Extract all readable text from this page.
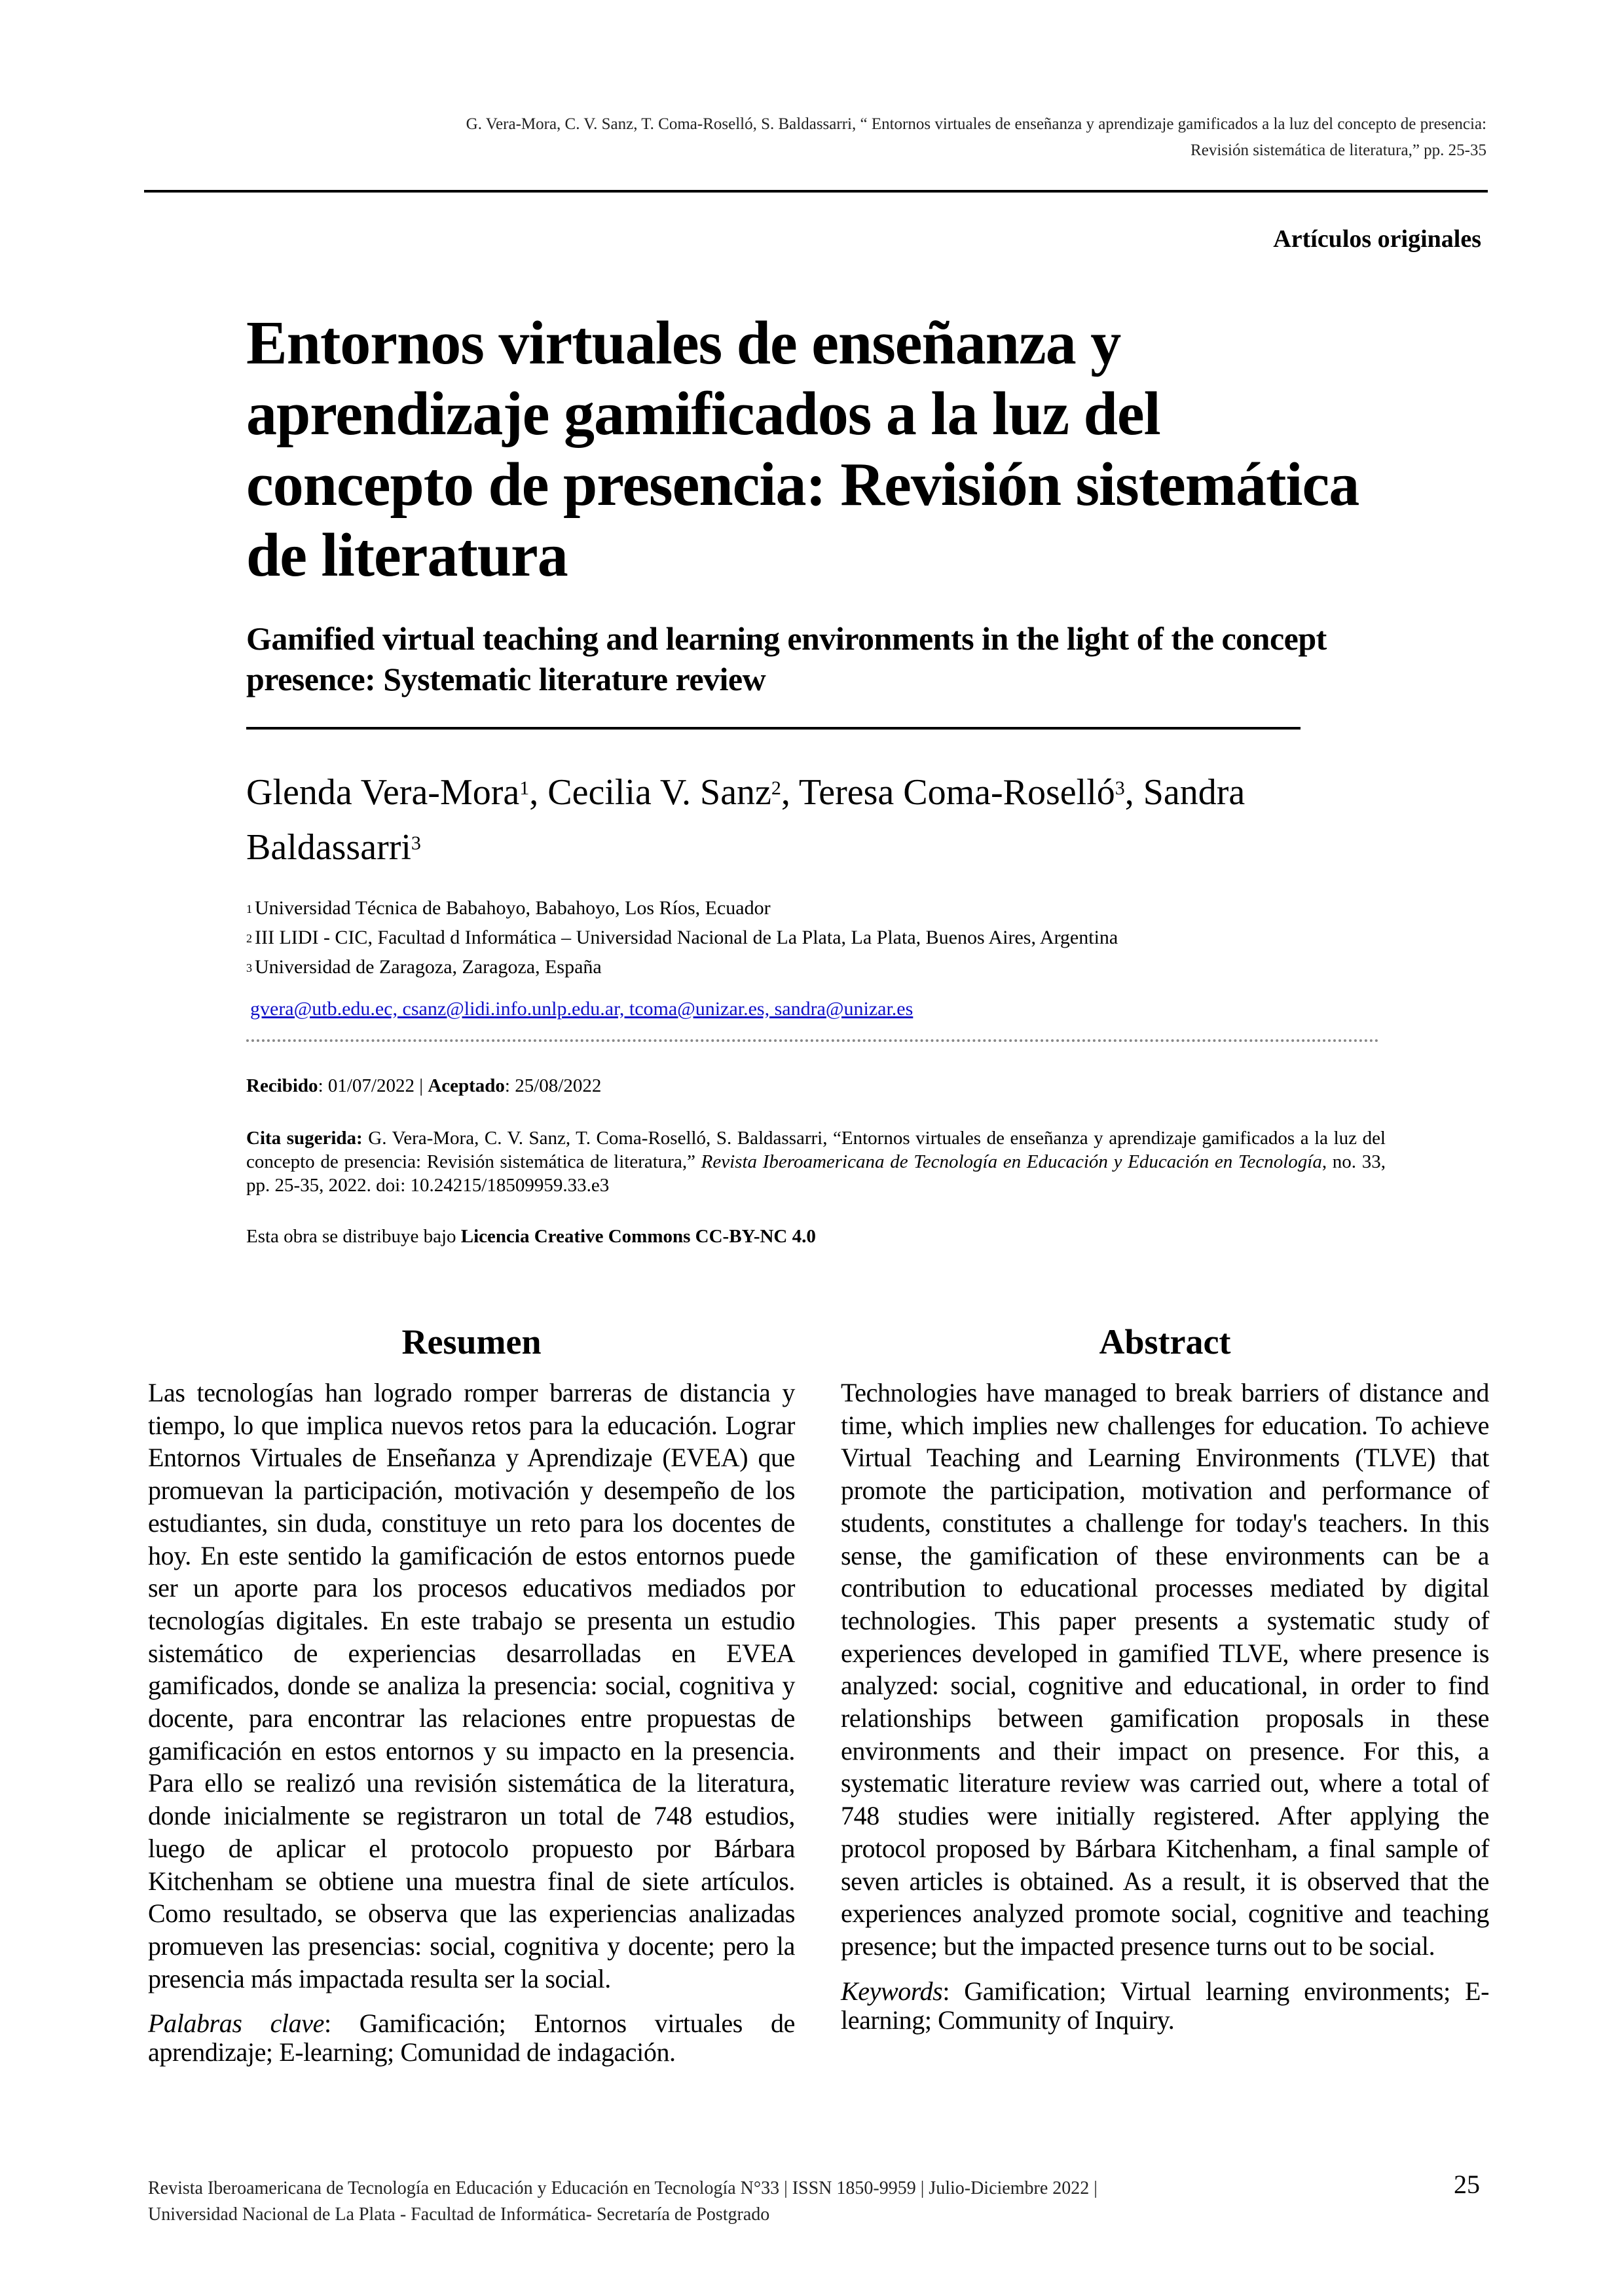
G. Vera-Mora, C. V. Sanz, T. Coma-Roselló, S. Baldassarri, “ Entornos virtuales de enseñanza y aprendizaje gamificados a la luz del concepto de presencia:
Revisión sistemática de literatura,” pp. 25-35
Artículos originales
Entornos virtuales de enseñanza y aprendizaje gamificados a la luz del concepto de presencia: Revisión sistemática de literatura
Gamified virtual teaching and learning environments in the light of the concept presence: Systematic literature review
Glenda Vera-Mora$^1$, Cecilia V. Sanz$^2$, Teresa Coma-Roselló$^3$, Sandra Baldassarri$^3$
$^1$ Universidad Técnica de Babahoyo, Babahoyo, Los Ríos, Ecuador
$^2$ III LIDI - CIC, Facultad d Informática – Universidad Nacional de La Plata, La Plata, Buenos Aires, Argentina
$^3$ Universidad de Zaragoza, Zaragoza, España
gvera@utb.edu.ec, csanz@lidi.info.unlp.edu.ar, tcoma@unizar.es, sandra@unizar.es
Recibido: 01/07/2022 | Aceptado: 25/08/2022
Cita sugerida: G. Vera-Mora, C. V. Sanz, T. Coma-Roselló, S. Baldassarri, “Entornos virtuales de enseñanza y aprendizaje gamificados a la luz del concepto de presencia: Revisión sistemática de literatura,” Revista Iberoamericana de Tecnología en Educación y Educación en Tecnología, no. 33, pp. 25-35, 2022. doi: 10.24215/18509959.33.e3
Esta obra se distribuye bajo Licencia Creative Commons CC-BY-NC 4.0
Resumen
Las tecnologías han logrado romper barreras de distancia y tiempo, lo que implica nuevos retos para la educación. Lograr Entornos Virtuales de Enseñanza y Aprendizaje (EVEA) que promuevan la participación, motivación y desempeño de los estudiantes, sin duda, constituye un reto para los docentes de hoy. En este sentido la gamificación de estos entornos puede ser un aporte para los procesos educativos mediados por tecnologías digitales. En este trabajo se presenta un estudio sistemático de experiencias desarrolladas en EVEA gamificados, donde se analiza la presencia: social, cognitiva y docente, para encontrar las relaciones entre propuestas de gamificación en estos entornos y su impacto en la presencia. Para ello se realizó una revisión sistemática de la literatura, donde inicialmente se registraron un total de 748 estudios, luego de aplicar el protocolo propuesto por Bárbara Kitchenham se obtiene una muestra final de siete artículos. Como resultado, se observa que las experiencias analizadas promueven las presencias: social, cognitiva y docente; pero la presencia más impactada resulta ser la social.
Palabras clave: Gamificación; Entornos virtuales de aprendizaje; E-learning; Comunidad de indagación.
Abstract
Technologies have managed to break barriers of distance and time, which implies new challenges for education. To achieve Virtual Teaching and Learning Environments (TLVE) that promote the participation, motivation and performance of students, constitutes a challenge for today's teachers. In this sense, the gamification of these environments can be a contribution to educational processes mediated by digital technologies. This paper presents a systematic study of experiences developed in gamified TLVE, where presence is analyzed: social, cognitive and educational, in order to find relationships between gamification proposals in these environments and their impact on presence. For this, a systematic literature review was carried out, where a total of 748 studies were initially registered. After applying the protocol proposed by Bárbara Kitchenham, a final sample of seven articles is obtained. As a result, it is observed that the experiences analyzed promote social, cognitive and teaching presence; but the impacted presence turns out to be social.
Keywords: Gamification; Virtual learning environments; E-learning; Community of Inquiry.
Revista Iberoamericana de Tecnología en Educación y Educación en Tecnología N°33 | ISSN 1850-9959 | Julio-Diciembre 2022 |
Universidad Nacional de La Plata - Facultad de Informática- Secretaría de Postgrado
25
